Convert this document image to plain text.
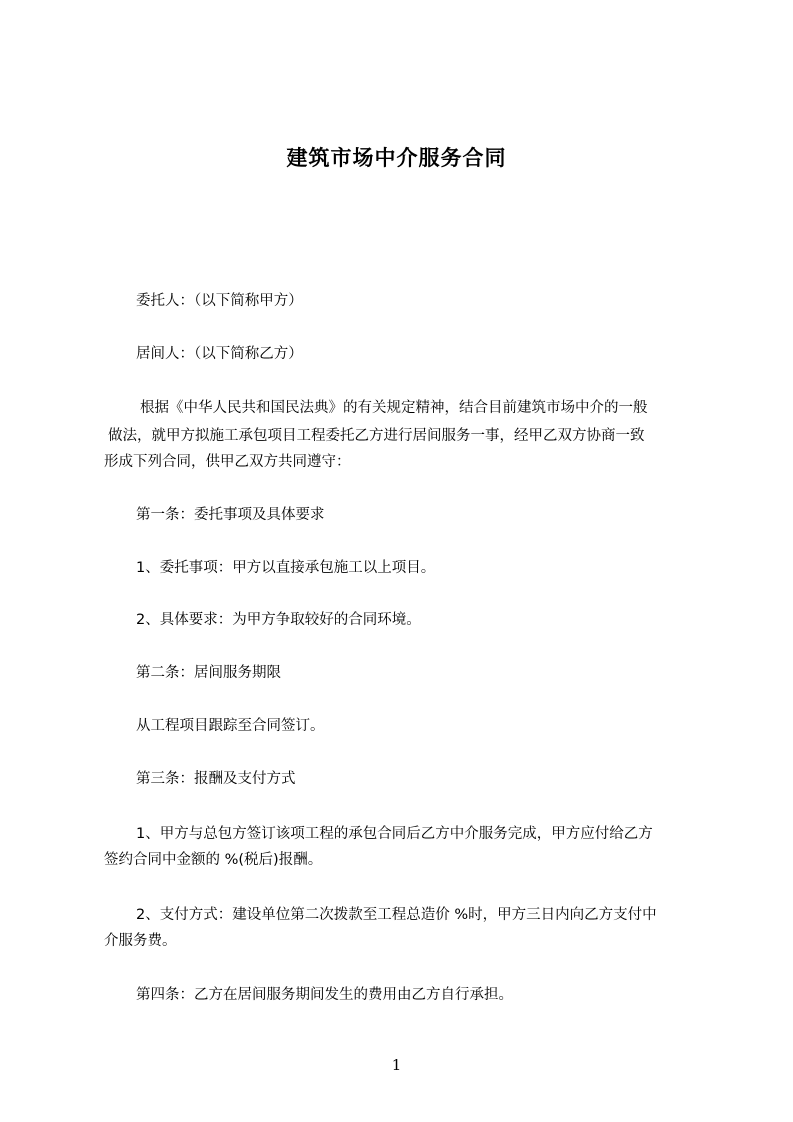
建筑市场中介服务合同
委托人：（以下简称甲方）
居间人：（以下简称乙方）
根据《中华人民共和国民法典》的有关规定精神，结合目前建筑市场中介的一般
做法，就甲方拟施工承包项目工程委托乙方进行居间服务一事，经甲乙双方协商一致
形成下列合同，供甲乙双方共同遵守：
第一条：委托事项及具体要求
1、委托事项：甲方以直接承包施工以上项目。
2、具体要求：为甲方争取较好的合同环境。
第二条：居间服务期限
从工程项目跟踪至合同签订。
第三条：报酬及支付方式
1、甲方与总包方签订该项工程的承包合同后乙方中介服务完成，甲方应付给乙方
签约合同中金额的 %(税后)报酬。
2、支付方式：建设单位第二次拨款至工程总造价 %时，甲方三日内向乙方支付中
介服务费。
第四条：乙方在居间服务期间发生的费用由乙方自行承担。
1
